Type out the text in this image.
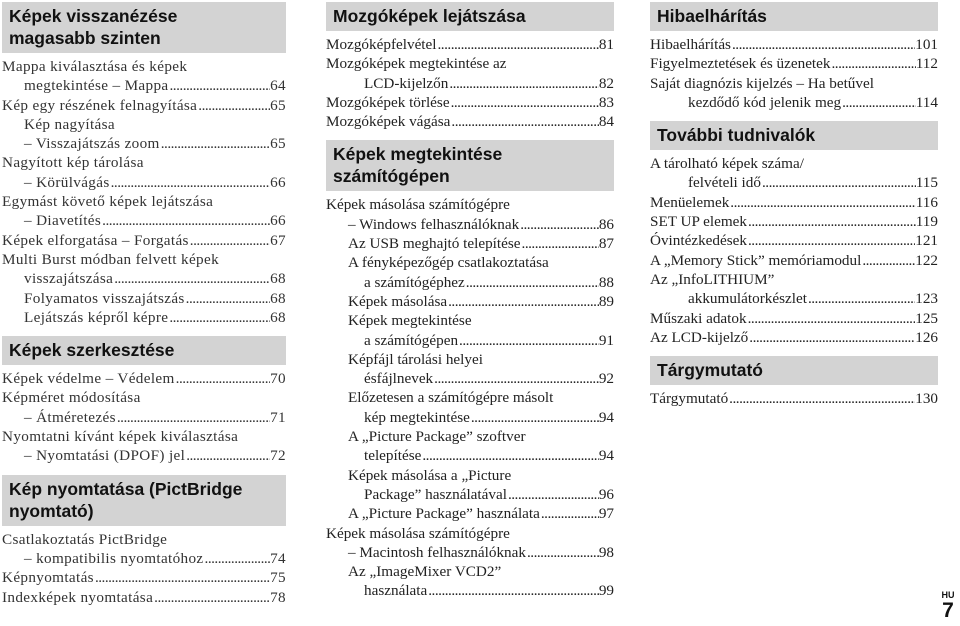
Képek visszanézése
magasabb szinten
Mappa kiválasztása és képek
megtekintése – Mappa .....	64
Kép egy részének felnagyítása .....	65
Kép nagyítása
– Visszajátszás zoom .....	65
Nagyított kép tárolása
– Körülvágás .....	66
Egymást követő képek lejátszása
– Diavetítés .....	66
Képek elforgatása – Forgatás .....	67
Multi Burst módban felvett képek
visszajátszása .....	68
Folyamatos visszajátszás .....	68
Lejátszás képről képre .....	68
Képek szerkesztése
Képek védelme – Védelem .....	70
Képméret módosítása
– Átméretezés .....	71
Nyomtatni kívánt képek kiválasztása
– Nyomtatási (DPOF) jel .....	72
Kép nyomtatása (PictBridge
nyomtató)
Csatlakoztatás PictBridge
– kompatibilis nyomtatóhoz .....	74
Képnyomtatás .....	75
Indexképek nyomtatása .....	78
Mozgóképek lejátszása
Mozgóképfelvétel .....	81
Mozgóképek megtekintése az
LCD-kijelzőn .....	82
Mozgóképek törlése .....	83
Mozgóképek vágása .....	84
Képek megtekintése
számítógépen
Képek másolása számítógépre
– Windows felhasználóknak .....	86
Az USB meghajtó telepítése .....	87
A fényképezőgép csatlakoztatása
a számítógéphez .....	88
Képek másolása .....	89
Képek megtekintése
a számítógépen .....	91
Képfájl tárolási helyei
ésfájlnevek .....	92
Előzetesen a számítógépre másolt
kép megtekintése .....	94
A „Picture Package” szoftver
telepítése .....	94
Képek másolása a „Picture
Package” használatával .....	96
A „Picture Package” használata .....	97
Képek másolása számítógépre
– Macintosh felhasználóknak .....	98
Az „ImageMixer VCD2”
használata .....	99
Hibaelhárítás
Hibaelhárítás .....	101
Figyelmeztetések és üzenetek .....	112
Saját diagnózis kijelzés – Ha betűvel
kezdődő kód jelenik meg .....	114
További tudnivalók
A tárolható képek száma/
felvételi idő .....	115
Menüelemek .....	116
SET UP elemek .....	119
Óvintézkedések .....	121
A „Memory Stick” memóriamodul .....	122
Az „InfoLITHIUM”
akkumulátorkészlet .....	123
Műszaki adatok .....	125
Az LCD-kijelző .....	126
Tárgymutató
Tárgymutató .....	130
HU
7
